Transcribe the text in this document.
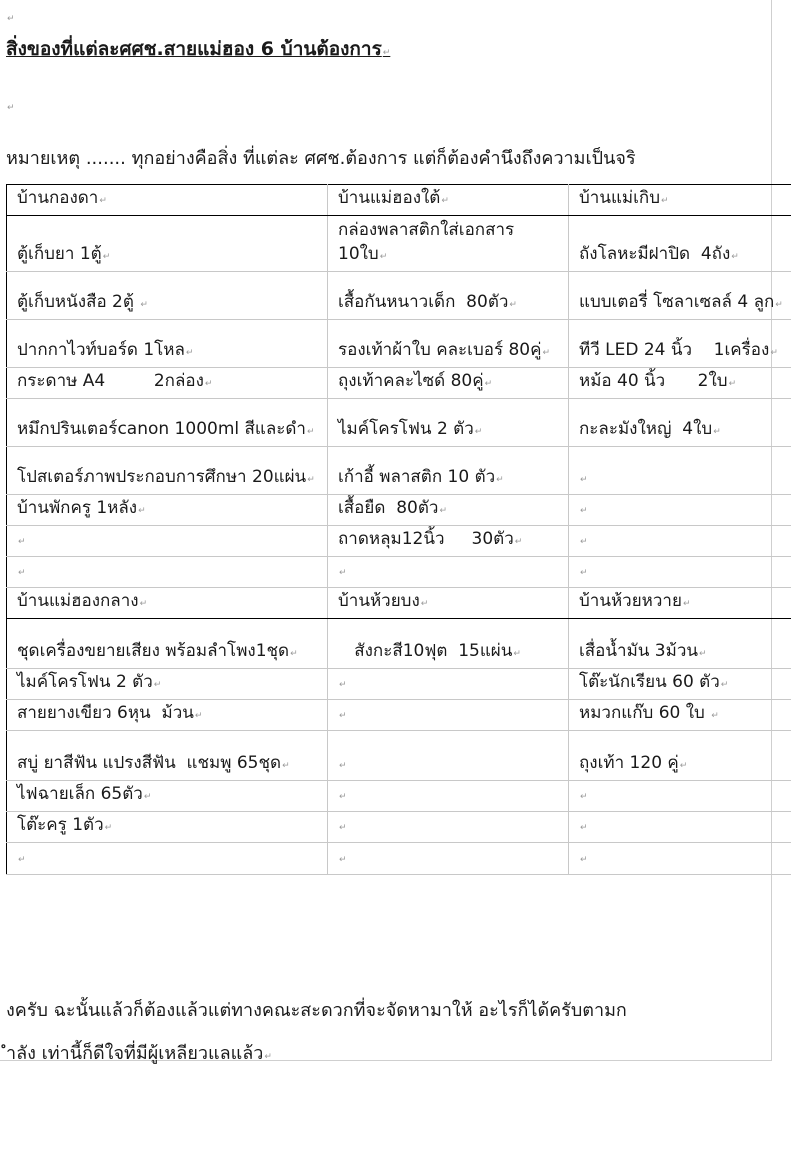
↵
สิ่งของที่แต่ละศศช.สายแม่ฮอง 6 บ้านต้องการ↵
↵
หมายเหตุ ....... ทุกอย่างคือสิ่ง ที่แต่ละ ศศช.ต้องการ แต่ก็ต้องคำนึงถึงความเป็นจริ
บ้านกองดา↵	บ้านแม่ฮองใต้↵	บ้านแม่เกิบ↵
ตู้เก็บยา 1ตู้↵	กล่องพลาสติกใส่เอกสาร 10ใบ↵	ถังโลหะมีฝาปิด  4ถัง↵
ตู้เก็บหนังสือ 2ตู้ ↵	เสื้อกันหนาวเด็ก  80ตัว↵	แบบเตอรี่ โซลาเซลล์ 4 ลูก↵
ปากกาไวท์บอร์ด 1โหล↵	รองเท้าผ้าใบ คละเบอร์ 80คู่↵	ทีวี LED 24 นิ้ว    1เครื่อง↵
กระดาษ A4         2กล่อง↵	ถุงเท้าคละไซด์ 80คู่↵	หม้อ 40 นิ้ว      2ใบ↵
หมึกปรินเตอร์canon 1000ml สีและดำ↵	ไมค์โครโฟน 2 ตัว↵	กะละมังใหญ่  4ใบ↵
โปสเตอร์ภาพประกอบการศึกษา 20แผ่น↵	เก้าอี้ พลาสติก 10 ตัว↵	↵
บ้านพักครู 1หลัง↵	เสื้อยืด  80ตัว↵	↵
↵	ถาดหลุม12นิ้ว     30ตัว↵	↵
↵	↵	↵
บ้านแม่ฮองกลาง↵	บ้านห้วยบง↵	บ้านห้วยหวาย↵
ชุดเครื่องขยายเสียง พร้อมลำโพง1ชุด↵	สังกะสี10ฟุต  15แผ่น↵	เสื่อน้ำมัน 3ม้วน↵
ไมค์โครโฟน 2 ตัว↵	↵	โต๊ะนักเรียน 60 ตัว↵
สายยางเขียว 6หุน  ม้วน↵	↵	หมวกแก๊บ 60 ใบ ↵
สบู่ ยาสีฟัน แปรงสีฟัน  แชมพู 65ชุด↵	↵	ถุงเท้า 120 คู่↵
ไฟฉายเล็ก 65ตัว↵	↵	↵
โต๊ะครู 1ตัว↵	↵	↵
↵	↵	↵
งครับ ฉะนั้นแล้วก็ต้องแล้วแต่ทางคณะสะดวกที่จะจัดหามาให้ อะไรก็ได้ครับตามก
ำลัง เท่านี้ก็ดีใจที่มีผู้เหลียวแลแล้ว↵
